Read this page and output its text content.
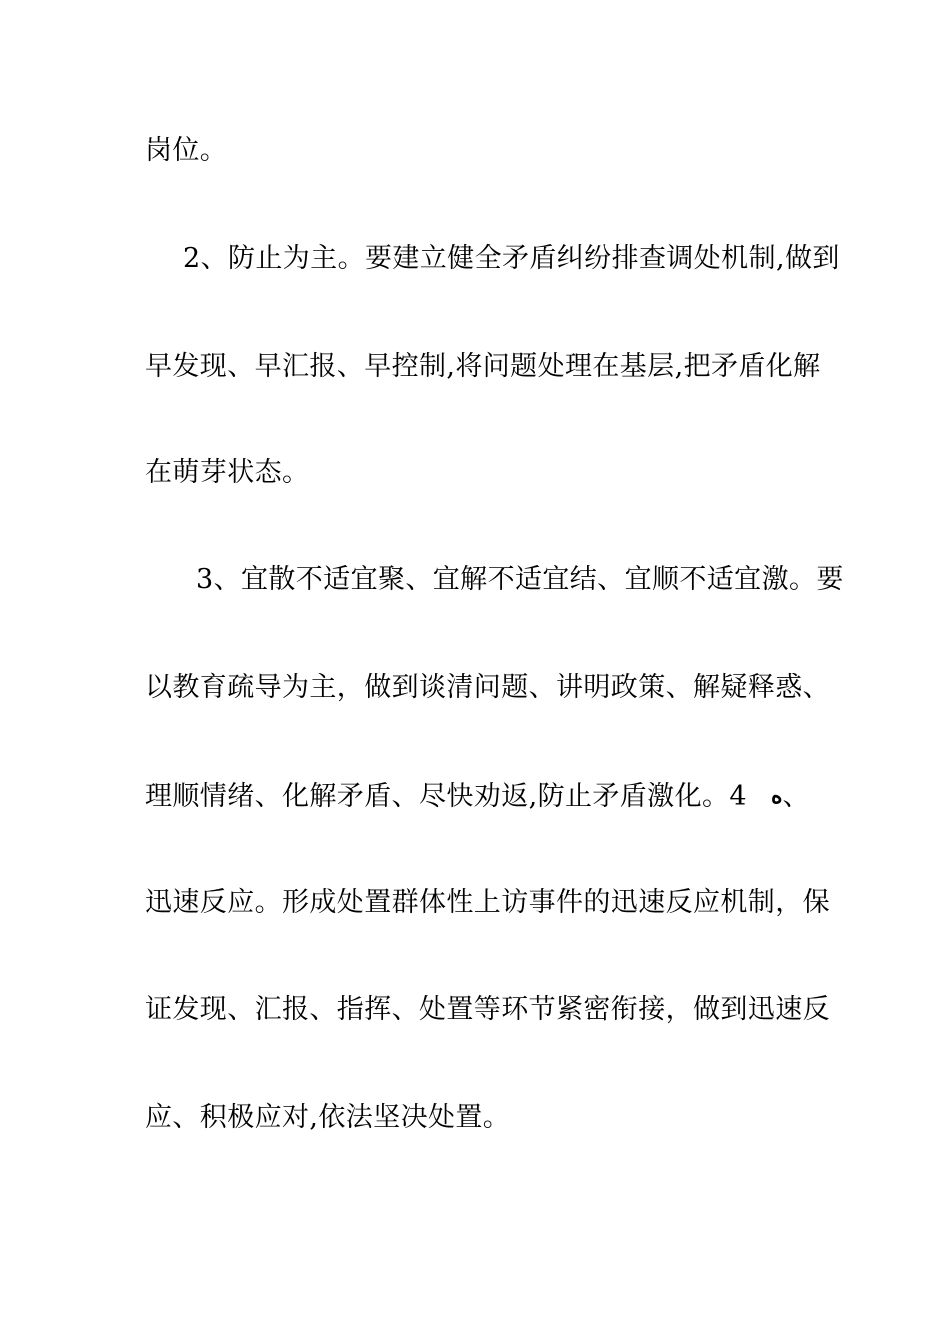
岗位。
2、防止为主。要建立健全矛盾纠纷排查调处机制,做到
早发现、早汇报、早控制,将问题处理在基层,把矛盾化解
在萌芽状态。
3、宜散不适宜聚、宜解不适宜结、宜顺不适宜激。要
以教育疏导为主，做到谈清问题、讲明政策、解疑释惑、
理顺情绪、化解矛盾、尽快劝返,防止矛盾激化。4 ه、
迅速反应。形成处置群体性上访事件的迅速反应机制，保
证发现、汇报、指挥、处置等环节紧密衔接，做到迅速反
应、积极应对,依法坚决处置。
